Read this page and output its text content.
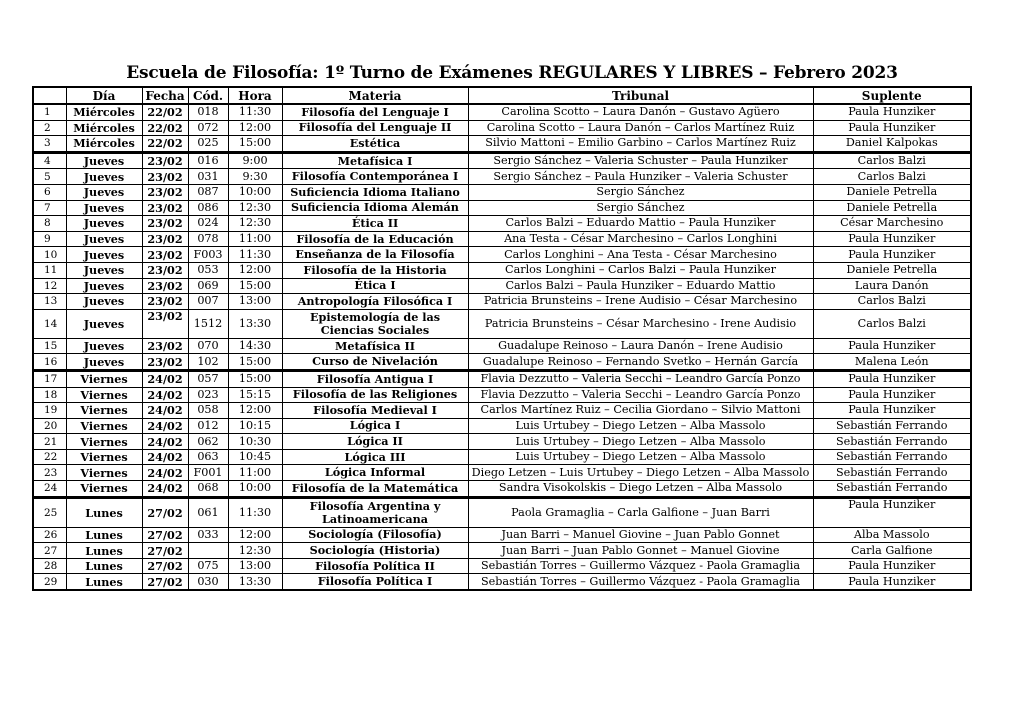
Escuela de Filosofía: 1º Turno de Exámenes REGULARES Y LIBRES – Febrero 2023
	Día	Fecha	Cód.	Hora	Materia	Tribunal	Suplente
1	Miércoles	22/02	018	11:30	Filosofía del Lenguaje I	Carolina Scotto – Laura Danón – Gustavo Agüero	Paula Hunziker
2	Miércoles	22/02	072	12:00	Filosofía del Lenguaje II	Carolina Scotto – Laura Danón – Carlos Martínez Ruiz	Paula Hunziker
3	Miércoles	22/02	025	15:00	Estética	Silvio Mattoni – Emilio Garbino – Carlos Martínez Ruiz	Daniel Kalpokas
4	Jueves	23/02	016	9:00	Metafísica I	Sergio Sánchez – Valeria Schuster – Paula Hunziker	Carlos Balzi
5	Jueves	23/02	031	9:30	Filosofía Contemporánea I	Sergio Sánchez – Paula Hunziker – Valeria Schuster	Carlos Balzi
6	Jueves	23/02	087	10:00	Suficiencia Idioma Italiano	Sergio Sánchez	Daniele Petrella
7	Jueves	23/02	086	12:30	Suficiencia Idioma Alemán	Sergio Sánchez	Daniele Petrella
8	Jueves	23/02	024	12:30	Ética II	Carlos Balzi – Eduardo Mattio – Paula Hunziker	César Marchesino
9	Jueves	23/02	078	11:00	Filosofía de la Educación	Ana Testa - César Marchesino – Carlos Longhini	Paula Hunziker
10	Jueves	23/02	F003	11:30	Enseñanza de la Filosofía	Carlos Longhini – Ana Testa - César Marchesino	Paula Hunziker
11	Jueves	23/02	053	12:00	Filosofía de la Historia	Carlos Longhini – Carlos Balzi – Paula Hunziker	Daniele Petrella
12	Jueves	23/02	069	15:00	Ética I	Carlos Balzi – Paula Hunziker – Eduardo Mattio	Laura Danón
13	Jueves	23/02	007	13:00	Antropología Filosófica I	Patricia Brunsteins – Irene Audisio – César Marchesino	Carlos Balzi
14	Jueves	23/02	1512	13:30	Epistemología de las Ciencias Sociales	Patricia Brunsteins – César Marchesino - Irene Audisio	Carlos Balzi
15	Jueves	23/02	070	14:30	Metafísica II	Guadalupe Reinoso – Laura Danón – Irene Audisio	Paula Hunziker
16	Jueves	23/02	102	15:00	Curso de Nivelación	Guadalupe Reinoso – Fernando Svetko – Hernán García	Malena León
17	Viernes	24/02	057	15:00	Filosofía Antigua I	Flavia Dezzutto – Valeria Secchi – Leandro García Ponzo	Paula Hunziker
18	Viernes	24/02	023	15:15	Filosofía de las Religiones	Flavia Dezzutto – Valeria Secchi – Leandro García Ponzo	Paula Hunziker
19	Viernes	24/02	058	12:00	Filosofía Medieval I	Carlos Martínez Ruiz – Cecilia Giordano – Silvio Mattoni	Paula Hunziker
20	Viernes	24/02	012	10:15	Lógica I	Luis Urtubey – Diego Letzen – Alba Massolo	Sebastián Ferrando
21	Viernes	24/02	062	10:30	Lógica II	Luis Urtubey – Diego Letzen – Alba Massolo	Sebastián Ferrando
22	Viernes	24/02	063	10:45	Lógica III	Luis Urtubey – Diego Letzen – Alba Massolo	Sebastián Ferrando
23	Viernes	24/02	F001	11:00	Lógica Informal	Diego Letzen – Luis Urtubey – Diego Letzen – Alba Massolo	Sebastián Ferrando
24	Viernes	24/02	068	10:00	Filosofía de la Matemática	Sandra Visokolskis – Diego Letzen – Alba Massolo	Sebastián Ferrando
25	Lunes	27/02	061	11:30	Filosofía Argentina y Latinoamericana	Paola Gramaglia – Carla Galfione – Juan Barri	Paula Hunziker
26	Lunes	27/02	033	12:00	Sociología (Filosofía)	Juan Barri – Manuel Giovine – Juan Pablo Gonnet	Alba Massolo
27	Lunes	27/02		12:30	Sociología (Historia)	Juan Barri – Juan Pablo Gonnet – Manuel Giovine	Carla Galfione
28	Lunes	27/02	075	13:00	Filosofía Política II	Sebastián Torres – Guillermo Vázquez - Paola Gramaglia	Paula Hunziker
29	Lunes	27/02	030	13:30	Filosofía Política I	Sebastián Torres – Guillermo Vázquez - Paola Gramaglia	Paula Hunziker
